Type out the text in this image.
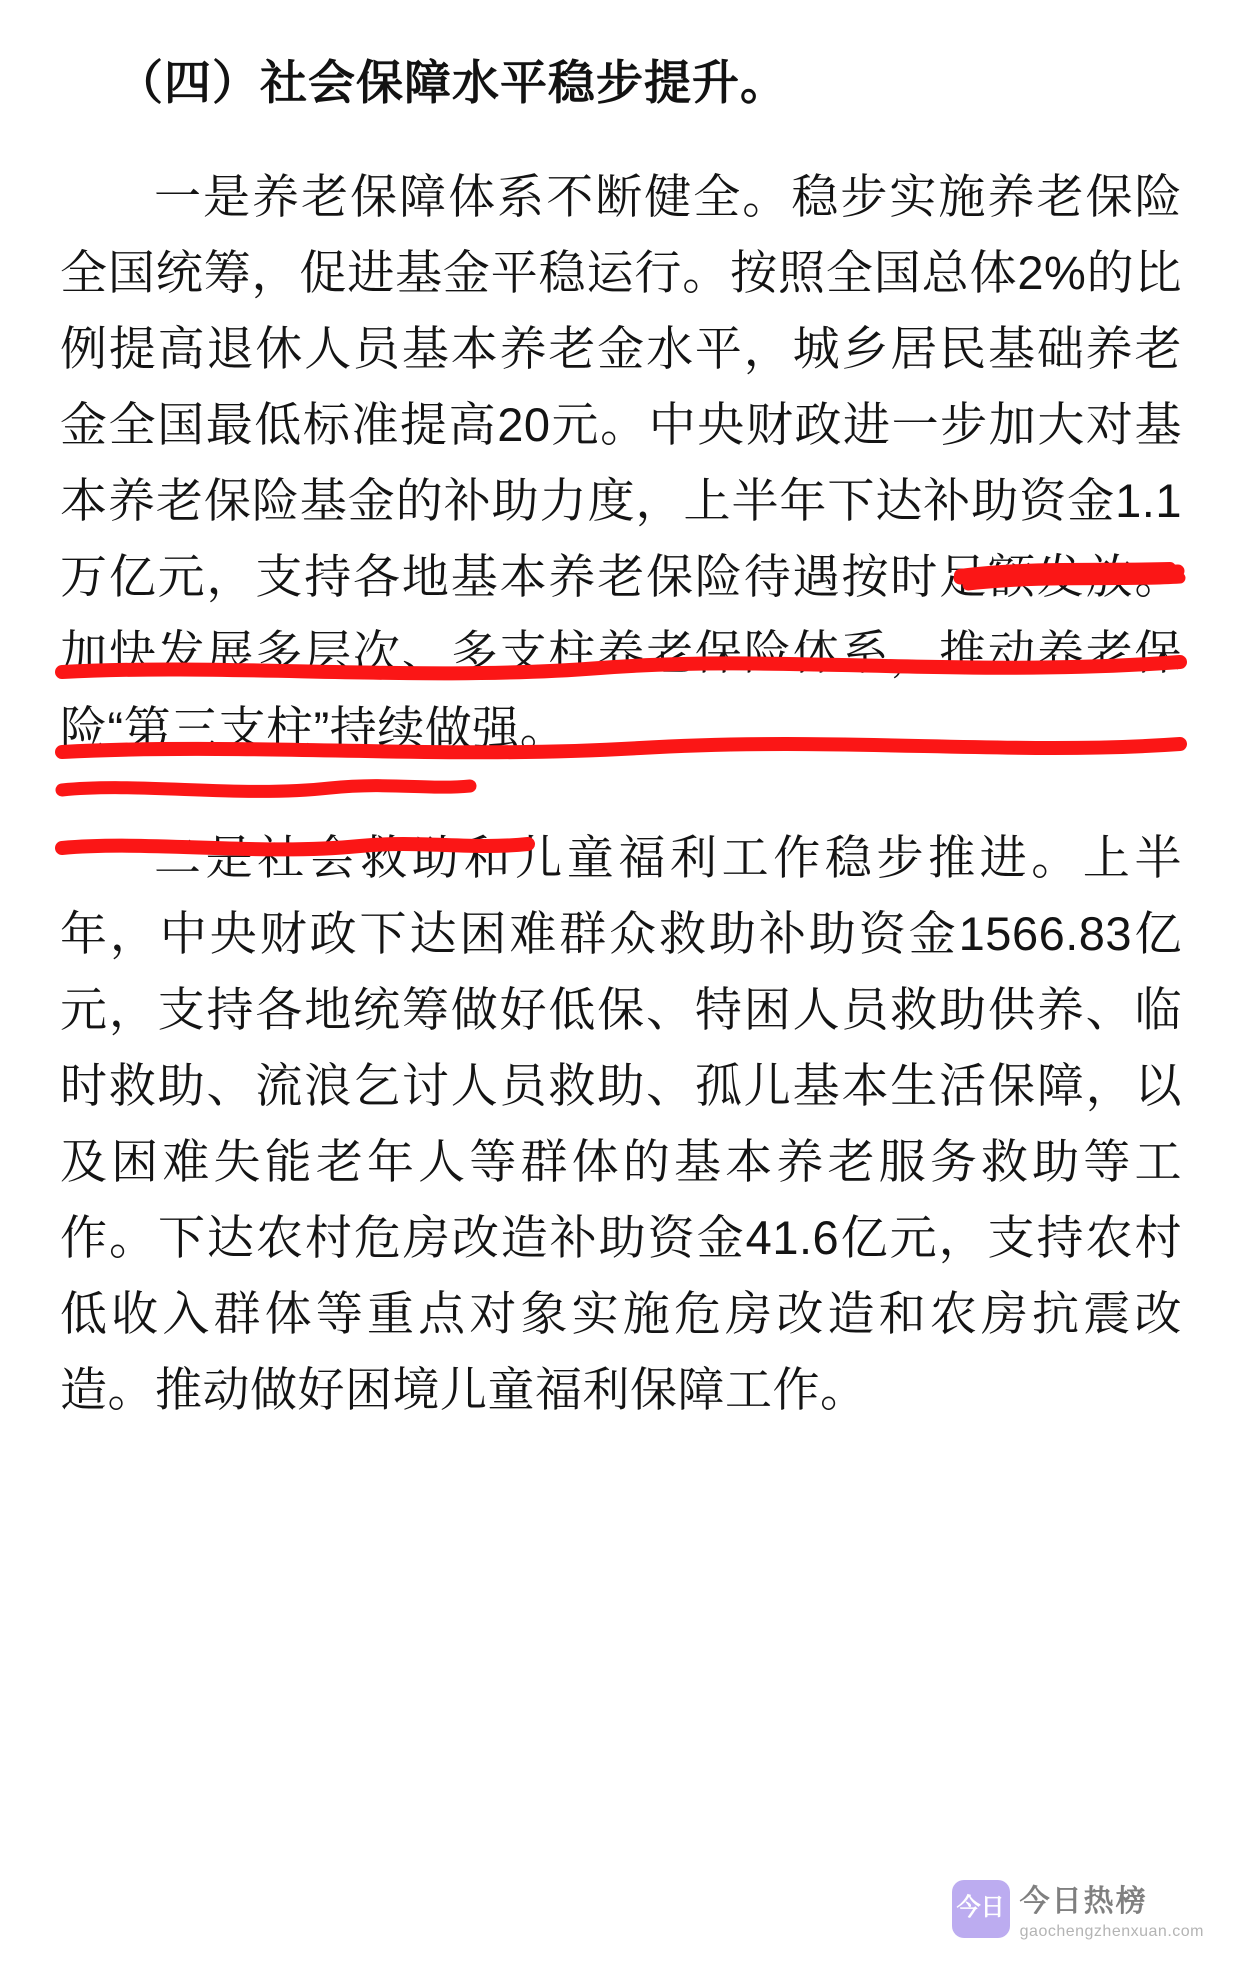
（四）社会保障水平稳步提升。

一是养老保障体系不断健全。稳步实施养老保险全国统筹，促进基金平稳运行。按照全国总体2%的比例提高退休人员基本养老金水平，城乡居民基础养老金全国最低标准提高20元。中央财政进一步加大对基本养老保险基金的补助力度，上半年下达补助资金1.1万亿元，支持各地基本养老保险待遇按时足额发放。加快发展多层次、多支柱养老保险体系，推动养老保险“第三支柱”持续做强。

二是社会救助和儿童福利工作稳步推进。上半年，中央财政下达困难群众救助补助资金1566.83亿元，支持各地统筹做好低保、特困人员救助供养、临时救助、流浪乞讨人员救助、孤儿基本生活保障，以及困难失能老年人等群体的基本养老服务救助等工作。下达农村危房改造补助资金41.6亿元，支持农村低收入群体等重点对象实施危房改造和农房抗震改造。推动做好困境儿童福利保障工作。

今日 今日热榜
gaochengzhenxuan.com
